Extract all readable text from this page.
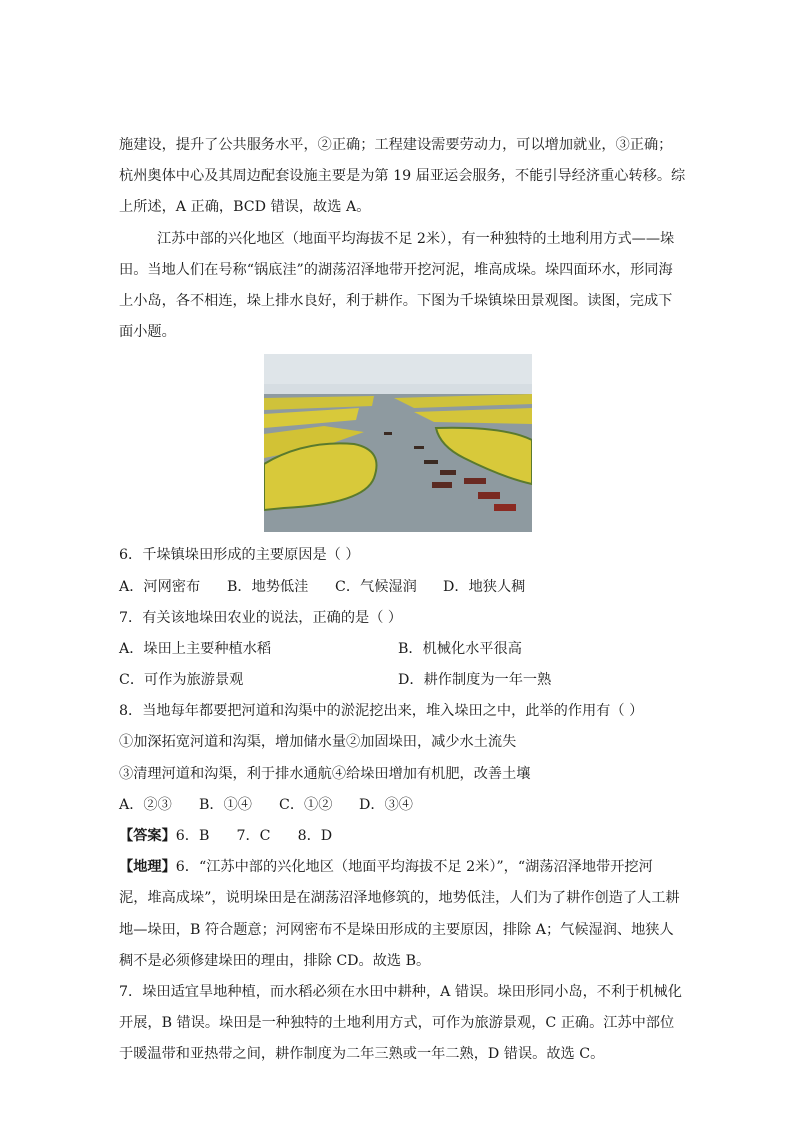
施建设，提升了公共服务水平，②正确；工程建设需要劳动力，可以增加就业，③正确；
杭州奥体中心及其周边配套设施主要是为第 19 届亚运会服务，不能引导经济重心转移。综
上所述，A 正确，BCD 错误，故选 A。
江苏中部的兴化地区（地面平均海拔不足 2米），有一种独特的土地利用方式——垛
田。当地人们在号称“锅底洼”的湖荡沼泽地带开挖河泥，堆高成垛。垛四面环水，形同海
上小岛，各不相连，垛上排水良好，利于耕作。下图为千垛镇垛田景观图。读图，完成下
面小题。
6．千垛镇垛田形成的主要原因是（ ）
A．河网密布	B．地势低洼	C．气候湿润	D．地狭人稠
7．有关该地垛田农业的说法，正确的是（ ）
A．垛田上主要种植水稻	B．机械化水平很高
C．可作为旅游景观	D．耕作制度为一年一熟
8．当地每年都要把河道和沟渠中的淤泥挖出来，堆入垛田之中，此举的作用有（ ）
①加深拓宽河道和沟渠，增加储水量②加固垛田，减少水土流失
③清理河道和沟渠，利于排水通航④给垛田增加有机肥，改善土壤
A．②③	B．①④	C．①②	D．③④
【答案】6．B      7．C      8．D
【地理】6．“江苏中部的兴化地区（地面平均海拔不足 2米）”，“湖荡沼泽地带开挖河
泥，堆高成垛”，说明垛田是在湖荡沼泽地修筑的，地势低洼，人们为了耕作创造了人工耕
地—垛田，B 符合题意；河网密布不是垛田形成的主要原因，排除 A；气候湿润、地狭人
稠不是必须修建垛田的理由，排除 CD。故选 B。
7．垛田适宜旱地种植，而水稻必须在水田中耕种，A 错误。垛田形同小岛，不利于机械化
开展，B 错误。垛田是一种独特的土地利用方式，可作为旅游景观，C 正确。江苏中部位
于暖温带和亚热带之间，耕作制度为二年三熟或一年二熟，D 错误。故选 C。
